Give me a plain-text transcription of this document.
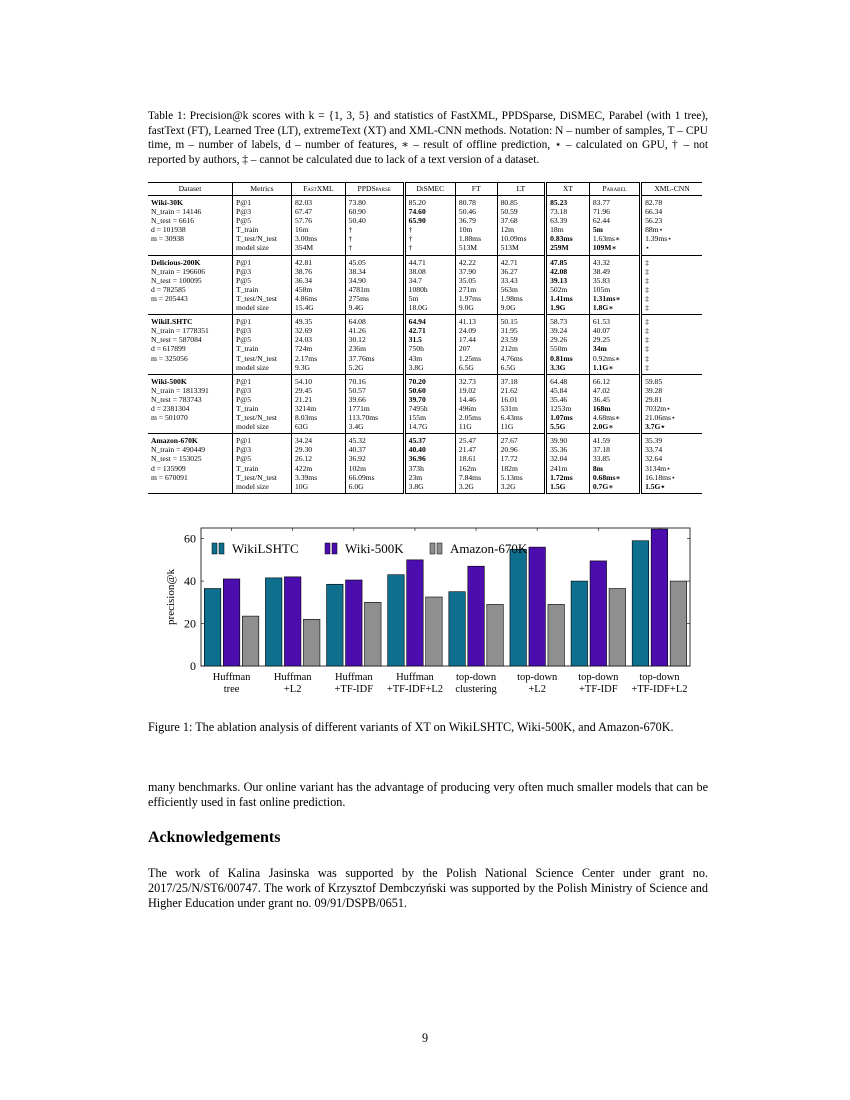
Table 1: Precision@k scores with k = {1, 3, 5} and statistics of FastXML, PPDSparse, DiSMEC, Parabel (with 1 tree), fastText (FT), Learned Tree (LT), extremeText (XT) and XML-CNN methods. Notation: N – number of samples, T – CPU time, m – number of labels, d – number of features, ∗ – result of offline prediction, ⋆ – calculated on GPU, † – not reported by authors, ‡ – cannot be calculated due to lack of a text version of a dataset.
Dataset	Metrics	FastXML	PPDSparse	DiSMEC	FT	LT	XT	Parabel	XML-CNN
Wiki-30K	P@1	82.03	73.80	85.20	80.78	80.85	85.23	83.77	82.78
N_train = 14146	P@3	67.47	60.90	74.60	50.46	50.59	73.18	71.96	66.34
N_test = 6616	P@5	57.76	50.40	65.90	36.79	37.68	63.39	62.44	56.23
d = 101938	T_train	16m	†	†	10m	12m	18m	5m	88m⋆
m = 30938	T_test/N_test	3.00ms	†	†	1.88ms	10.09ms	0.83ms	1.63ms∗	1.39ms⋆
	model size	354M	†	†	513M	513M	259M	109M∗	⋆
Delicious-200K	P@1	42.81	45.05	44.71	42.22	42.71	47.85	43.32	‡
N_train = 196606	P@3	38.76	38.34	38.08	37.90	36.27	42.08	38.49	‡
N_test = 100095	P@5	36.34	34.90	34.7	35.05	33.43	39.13	35.83	‡
d = 782585	T_train	458m	4781m	1080h	271m	563m	502m	105m	‡
m = 205443	T_test/N_test	4.86ms	275ms	5m	1.97ms	1.98ms	1.41ms	1.31ms∗	‡
	model size	15.4G	9.4G	18.0G	9.0G	9.0G	1.9G	1.8G∗	‡
WikiLSHTC	P@1	49.35	64.08	64.94	41.13	50.15	58.73	61.53	‡
N_train = 1778351	P@3	32.69	41.26	42.71	24.09	31.95	39.24	40.07	‡
N_test = 587084	P@5	24.03	30.12	31.5	17.44	23.59	29.26	29.25	‡
d = 617899	T_train	724m	236m	750h	207	212m	550m	34m	‡
m = 325056	T_test/N_test	2.17ms	37.76ms	43m	1.25ms	4.76ms	0.81ms	0.92ms∗	‡
	model size	9.3G	5.2G	3.8G	6.5G	6.5G	3.3G	1.1G∗	‡
Wiki-500K	P@1	54.10	70.16	70.20	32.73	37.18	64.48	66.12	59.85
N_train = 1813391	P@3	29.45	50.57	50.60	19.02	21.62	45.84	47.02	39.28
N_test = 783743	P@5	21.21	39.66	39.70	14.46	16.01	35.46	36.45	29.81
d = 2381304	T_train	3214m	1771m	7495h	496m	531m	1253m	168m	7032m⋆
m = 501070	T_test/N_test	8.03ms	113.70ms	155m	2.05ms	6.43ms	1.07ms	4.68ms∗	21.06ms⋆
	model size	63G	3.4G	14.7G	11G	11G	5.5G	2.0G∗	3.7G⋆
Amazon-670K	P@1	34.24	45.32	45.37	25.47	27.67	39.90	41.59	35.39
N_train = 490449	P@3	29.30	40.37	40.40	21.47	20.96	35.36	37.18	33.74
N_test = 153025	P@5	26.12	36.92	36.96	18.61	17.72	32.04	33.85	32.64
d = 135909	T_train	422m	102m	373h	162m	182m	241m	8m	3134m⋆
m = 670091	T_test/N_test	3.39ms	66.09ms	23m	7.84ms	5.13ms	1.72ms	0.68ms∗	16.18ms⋆
	model size	10G	6.0G	3.8G	3.2G	3.2G	1.5G	0.7G∗	1.5G⋆
0
20
40
60
precision@k
Huffman
tree
Huffman
+L2
Huffman
+TF-IDF
Huffman
+TF-IDF+L2
top-down
clustering
top-down
+L2
top-down
+TF-IDF
top-down
+TF-IDF+L2
WikiLSHTC	Wiki-500K	Amazon-670K
Figure 1: The ablation analysis of different variants of XT on WikiLSHTC, Wiki-500K, and Amazon-670K.
many benchmarks. Our online variant has the advantage of producing very often much smaller models that can be efficiently used in fast online prediction.
Acknowledgements
The work of Kalina Jasinska was supported by the Polish National Science Center under grant no. 2017/25/N/ST6/00747. The work of Krzysztof Dembczyński was supported by the Polish Ministry of Science and Higher Education under grant no. 09/91/DSPB/0651.
9
